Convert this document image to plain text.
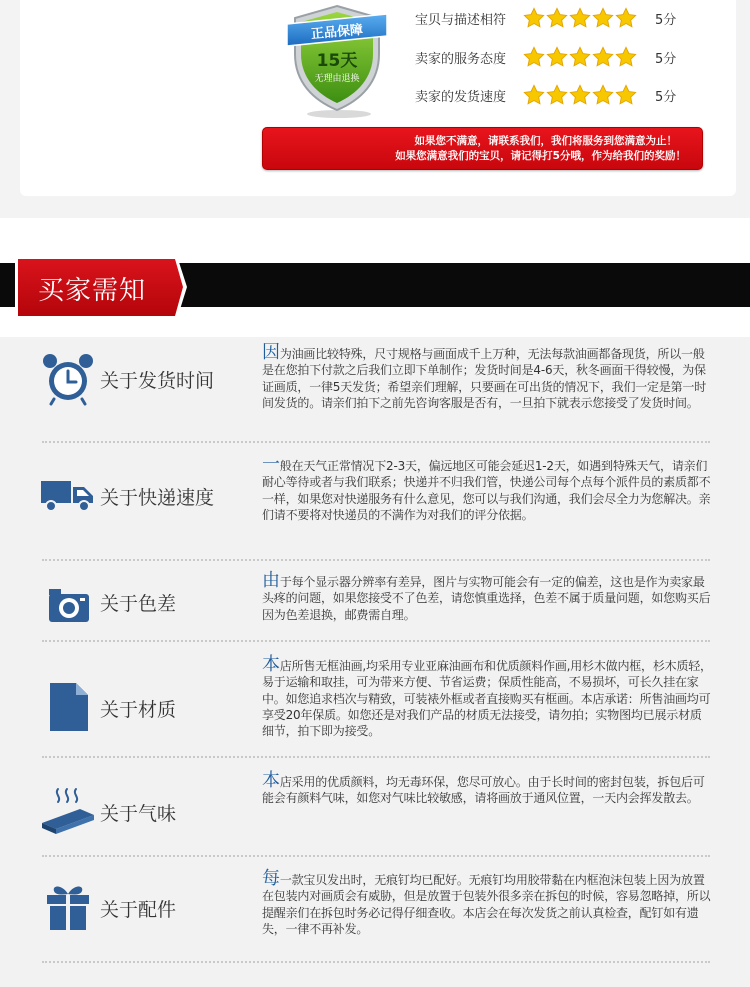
正品保障
15天
无理由退换
宝贝与描述相符	5分
卖家的服务态度	5分
卖家的发货速度	5分

如果您不满意，请联系我们，我们将服务到您满意为止！

如果您满意我们的宝贝，请记得打5分哦，作为给我们的奖励！

买家需知
关于发货时间
因为油画比较特殊，尺寸规格与画面成千上万种，无法每款油画都备现货，所以一般是在您拍下付款之后我们立即下单制作；发货时间是4-6天，秋冬画面干得较慢，为保证画质，一律5天发货；希望亲们理解，只要画在可出货的情况下，我们一定是第一时间发货的。请亲们拍下之前先咨询客服是否有，一旦拍下就表示您接受了发货时间。
关于快递速度
一般在天气正常情况下2-3天，偏远地区可能会延迟1-2天，如遇到特殊天气，请亲们耐心等待或者与我们联系；快递并不归我们管，快递公司每个点每个派件员的素质都不一样，如果您对快递服务有什么意见，您可以与我们沟通，我们会尽全力为您解决。亲们请不要将对快递员的不满作为对我们的评分依据。
关于色差
由于每个显示器分辨率有差异，图片与实物可能会有一定的偏差，这也是作为卖家最头疼的问题，如果您接受不了色差，请您慎重选择，色差不属于质量问题，如您购买后因为色差退换，邮费需自理。
关于材质
本店所售无框油画,均采用专业亚麻油画布和优质颜料作画,用杉木做内框，杉木质轻，易于运输和取挂，可为带来方便、节省运费；保质性能高，不易损坏，可长久挂在家中。如您追求档次与精致，可装裱外框或者直接购买有框画。本店承诺：所售油画均可享受20年保质。如您还是对我们产品的材质无法接受，请勿拍；实物图均已展示材质细节，拍下即为接受。
关于气味
本店采用的优质颜料，均无毒环保，您尽可放心。由于长时间的密封包装，拆包后可能会有颜料气味，如您对气味比较敏感，请将画放于通风位置，一天内会挥发散去。
关于配件
每一款宝贝发出时，无痕钉均已配好。无痕钉均用胶带黏在内框泡沫包装上因为放置在包装内对画质会有威胁，但是放置于包装外很多亲在拆包的时候，容易忽略掉，所以提醒亲们在拆包时务必记得仔细查收。本店会在每次发货之前认真检查，配钉如有遗失，一律不再补发。
